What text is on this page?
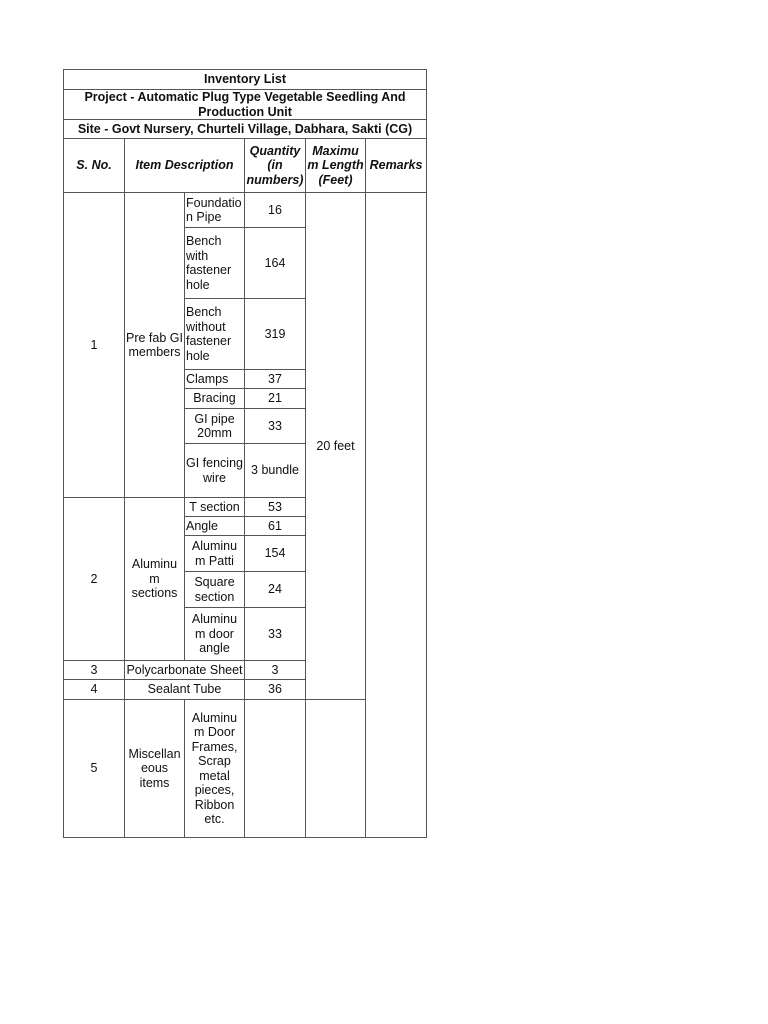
Inventory List					
Project - Automatic Plug Type Vegetable Seedling And Production Unit					
Site - Govt Nursery, Churteli Village, Dabhara, Sakti (CG)					
S. No.	Item Description		Quantity (in numbers)	Maximu m Length (Feet)	Remarks
1	Pre fab GI members	Foundatio n Pipe	16	20 feet	
		Bench with fastener hole	164		
		Bench without fastener hole	319		
		Clamps	37		
		Bracing	21		
		GI pipe 20mm	33		
		GI fencing wire	3 bundle		
2	Aluminu m sections	T section	53		
		Angle	61		
		Aluminu m Patti	154		
		Square section	24		
		Aluminu m door angle	33		
3	Polycarbonate Sheet		3		
4	Sealant Tube		36		
5	Miscellan eous items	Aluminu m Door Frames, Scrap metal pieces, Ribbon etc.			
